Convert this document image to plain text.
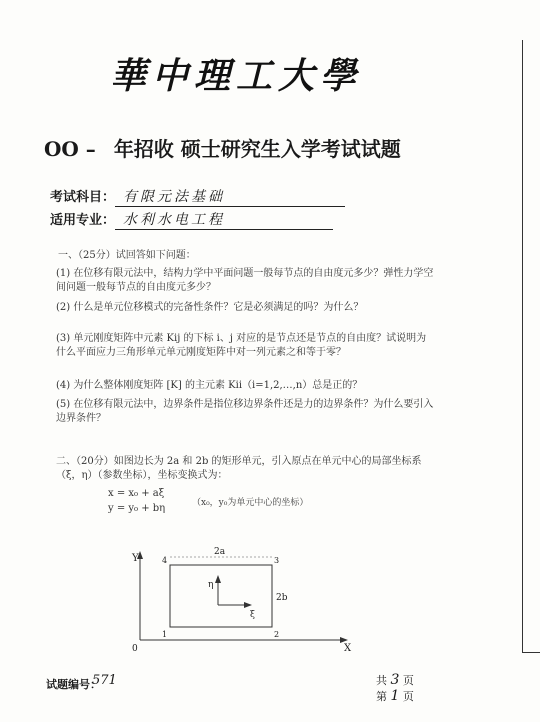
華中理工大學
OO – 年招收 硕士研究生入学考试试题
考试科目： 有限元法基础
适用专业： 水利水电工程
一、（25分）试回答如下问题：
(1) 在位移有限元法中，结构力学中平面问题一般每节点的自由度元多少？弹性力学空间问题一般每节点的自由度元多少？
(2) 什么是单元位移模式的完备性条件？它是必须满足的吗？为什么？
(3) 单元刚度矩阵中元素 Kij 的下标 i、j 对应的是节点还是节点的自由度？试说明为什么平面应力三角形单元单元刚度矩阵中对一列元素之和等于零？
(4) 为什么整体刚度矩阵 [K] 的主元素 Kii（i=1,2,…,n）总是正的？
(5) 在位移有限元法中，边界条件是指位移边界条件还是力的边界条件？为什么要引入边界条件？
二、（20分）如图边长为 2a 和 2b 的矩形单元，引入原点在单元中心的局部坐标系（ξ，η）（参数坐标），坐标变换式为：
x = x₀ + aξ
y = y₀ + bη	（x₀，y₀为单元中心的坐标）
Y
X
0
2a
2b
η
ξ
1	2
3
4
试题编号：
571	共 3 页
第 1 页
